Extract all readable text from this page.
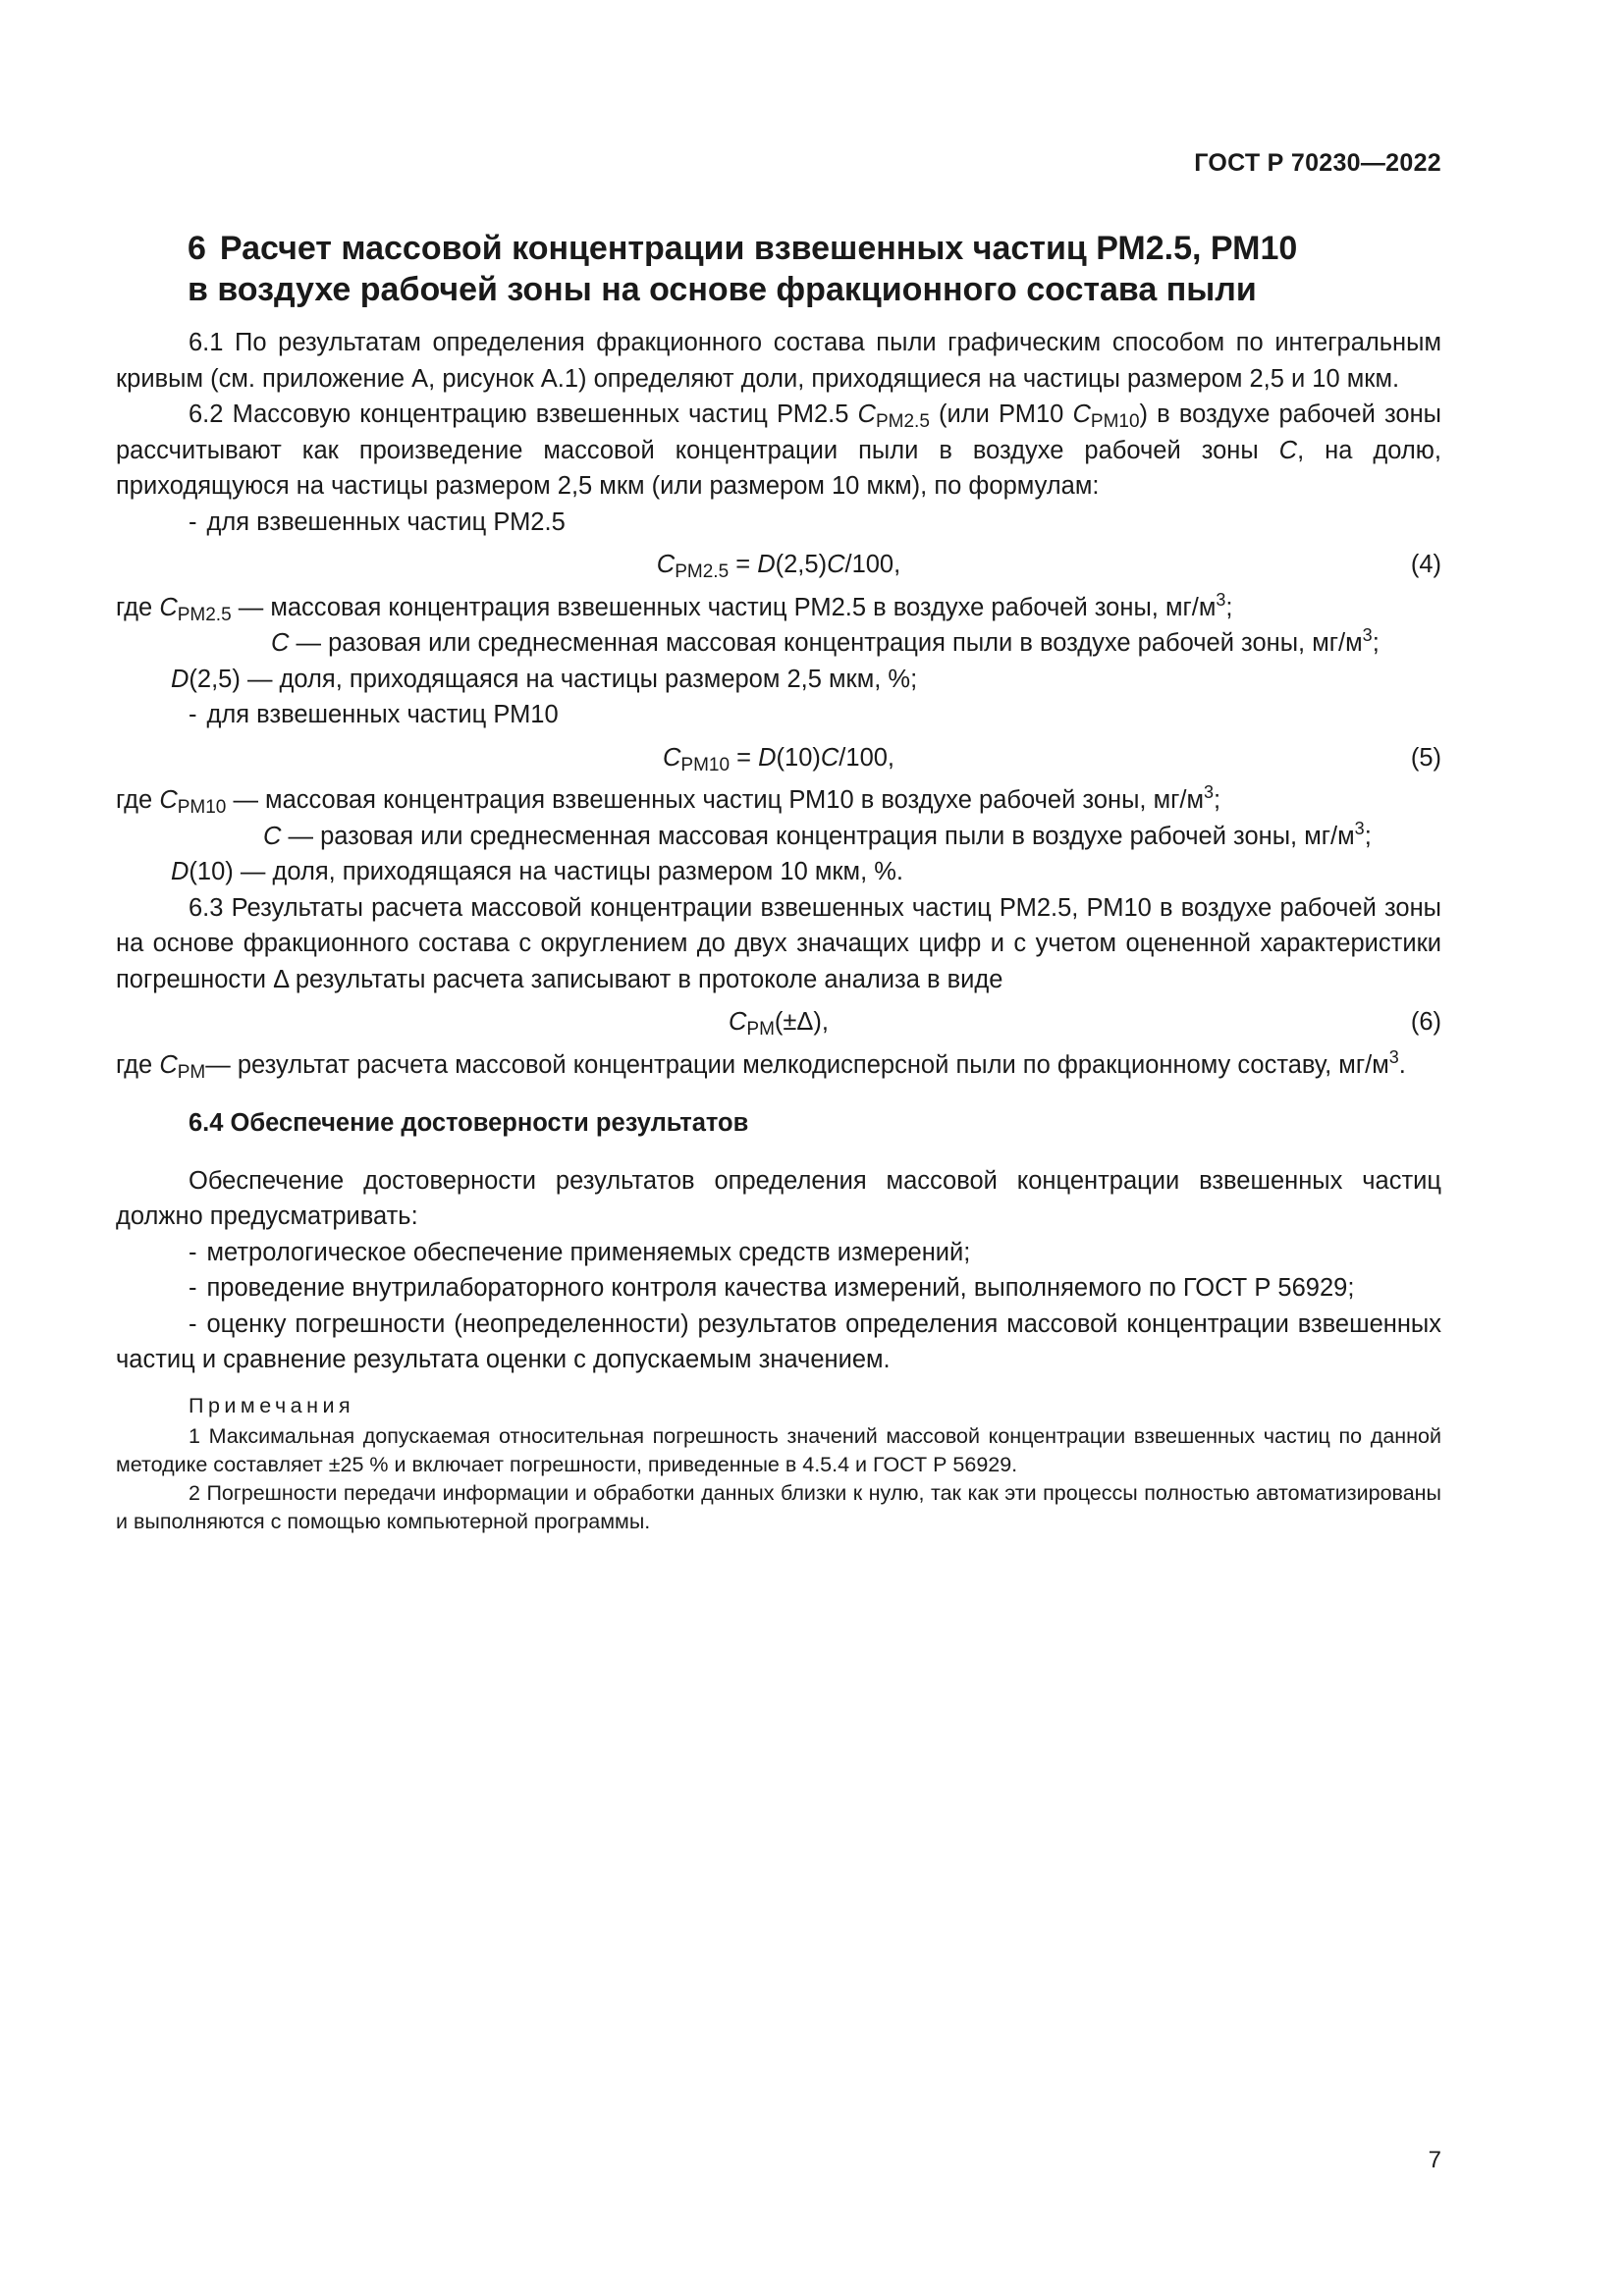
ГОСТ Р 70230—2022
6 Расчет массовой концентрации взвешенных частиц РМ2.5, РМ10
в воздухе рабочей зоны на основе фракционного состава пыли

6.1 По результатам определения фракционного состава пыли графическим способом по интегральным кривым (см. приложение А, рисунок А.1) определяют доли, приходящиеся на частицы размером 2,5 и 10 мкм.

6.2 Массовую концентрацию взвешенных частиц РМ2.5 $C_{PM2.5}$ (или РМ10 $C_{PM10}$) в воздухе рабочей зоны рассчитывают как произведение массовой концентрации пыли в воздухе рабочей зоны C, на долю, приходящуюся на частицы размером 2,5 мкм (или размером 10 мкм), по формулам:

- для взвешенных частиц РМ2.5

$C_{PM2.5} = D(2,5)C/100$,	(4)

где $C_{PM2.5}$ — массовая концентрация взвешенных частиц РМ2.5 в воздухе рабочей зоны, $мг/м^3$;

C — разовая или среднесменная массовая концентрация пыли в воздухе рабочей зоны, $мг/м^3$;

D(2,5) — доля, приходящаяся на частицы размером 2,5 мкм, %;

- для взвешенных частиц РМ10

$C_{PM10} = D(10)C/100$,	(5)

где $C_{PM10}$ — массовая концентрация взвешенных частиц РМ10 в воздухе рабочей зоны, $мг/м^3$;

C — разовая или среднесменная массовая концентрация пыли в воздухе рабочей зоны, $мг/м^3$;

D(10) — доля, приходящаяся на частицы размером 10 мкм, %.

6.3 Результаты расчета массовой концентрации взвешенных частиц РМ2.5, РМ10 в воздухе рабочей зоны на основе фракционного состава с округлением до двух значащих цифр и с учетом оцененной характеристики погрешности Δ результаты расчета записывают в протоколе анализа в виде

$C_{PM}(\pm\Delta)$,	(6)
где $C_{PM}$ — результат расчета массовой концентрации мелкодисперсной пыли по фракционному составу, $мг/м^3$.

6.4 Обеспечение достоверности результатов

Обеспечение достоверности результатов определения массовой концентрации взвешенных частиц должно предусматривать:

- метрологическое обеспечение применяемых средств измерений;

- проведение внутрилабораторного контроля качества измерений, выполняемого по ГОСТ Р 56929;

- оценку погрешности (неопределенности) результатов определения массовой концентрации взвешенных частиц и сравнение результата оценки с допускаемым значением.

Примечания

1 Максимальная допускаемая относительная погрешность значений массовой концентрации взвешенных частиц по данной методике составляет ±25 % и включает погрешности, приведенные в 4.5.4 и ГОСТ Р 56929.

2 Погрешности передачи информации и обработки данных близки к нулю, так как эти процессы полностью автоматизированы и выполняются с помощью компьютерной программы.

7
